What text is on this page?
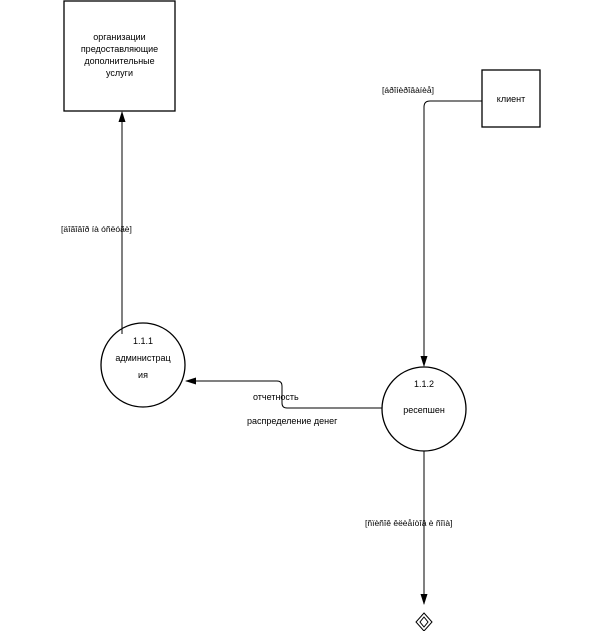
организации
предоставляющие
дополнительные
услуги
клиент
1.1.1
администрац
ия
1.1.2
ресепшен
[áðîíèðîâàíèå]
[äîãîâîð íà óñëóãè]
отчетность
распределение денег
[ñïèñîê êëèåíòîâ è ñîìà]
